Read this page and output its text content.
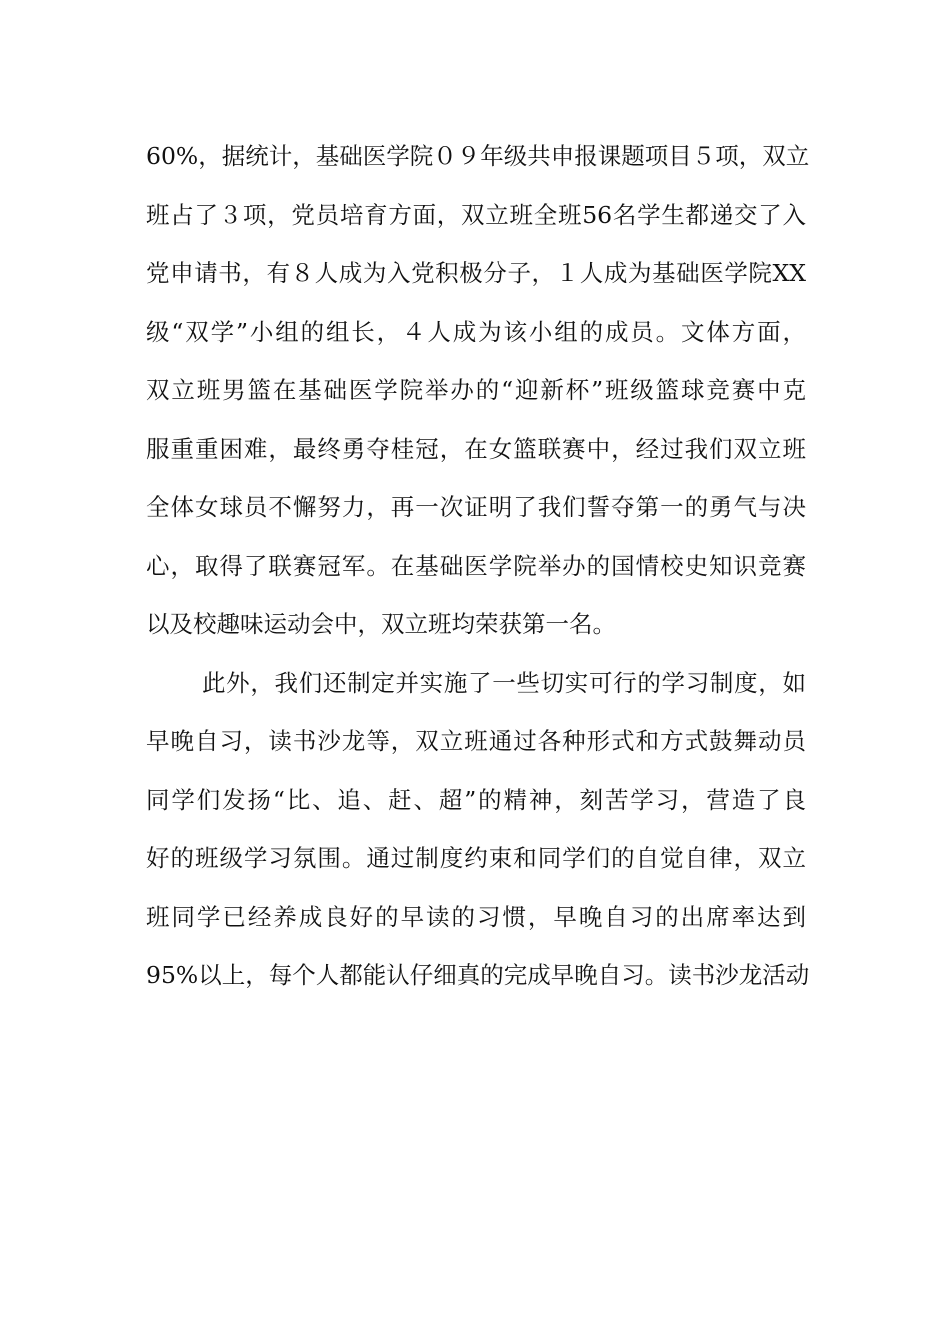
60%，据统计，基础医学院０９年级共申报课题项目５项，双立
班占了３项，党员培育方面，双立班全班56名学生都递交了入
党申请书，有８人成为入党积极分子，１人成为基础医学院XX
级“双学”小组的组长，４人成为该小组的成员。文体方面，
双立班男篮在基础医学院举办的“迎新杯”班级篮球竞赛中克
服重重困难，最终勇夺桂冠，在女篮联赛中，经过我们双立班
全体女球员不懈努力，再一次证明了我们誓夺第一的勇气与决
心，取得了联赛冠军。在基础医学院举办的国情校史知识竞赛
以及校趣味运动会中，双立班均荣获第一名。
此外，我们还制定并实施了一些切实可行的学习制度，如
早晚自习，读书沙龙等，双立班通过各种形式和方式鼓舞动员
同学们发扬“比、追、赶、超”的精神，刻苦学习，营造了良
好的班级学习氛围。通过制度约束和同学们的自觉自律，双立
班同学已经养成良好的早读的习惯，早晚自习的出席率达到
95%以上，每个人都能认仔细真的完成早晚自习。读书沙龙活动
